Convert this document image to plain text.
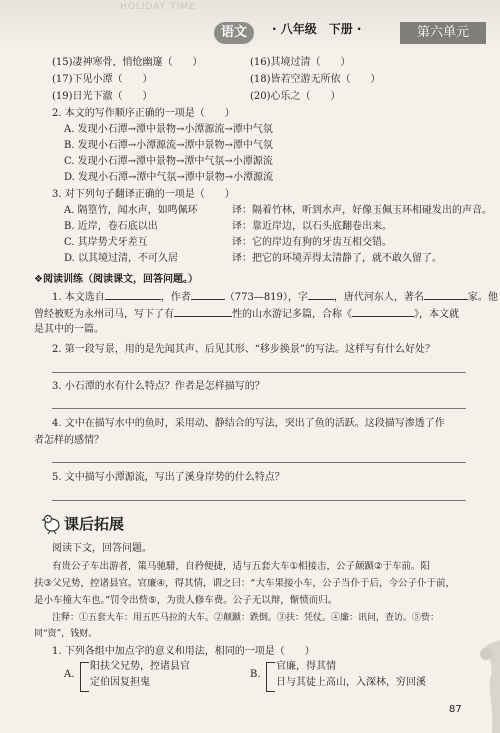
HOLIDAY TIME
语文	· 八年级　下册 ·	第六单元
(15)凄神寒骨，悄怆幽邃（　　）	(16)其境过清（　　）
(17)下见小潭（　　）	(18)皆若空游无所依（　　）
(19)日光下澈（　　）	(20)心乐之（　　）
2. 本文的写作顺序正确的一项是（　　）
A. 发现小石潭→潭中景物→小潭源流→潭中气氛
B. 发现小石潭→小潭源流→潭中景物→潭中气氛
C. 发现小石潭→潭中景物→潭中气氛→小潭源流
D. 发现小石潭→潭中气氛→潭中景物→小潭源流
3. 对下列句子翻译正确的一项是（　　）
A. 隔篁竹，闻水声，如鸣佩环	译：隔着竹林，听到水声，好像玉佩玉环相碰发出的声音。
B. 近岸，卷石底以出	译：靠近岸边，以石头底翻卷出来。
C. 其岸势犬牙差互	译：它的岸边有狗的牙齿互相交错。
D. 以其境过清，不可久居	译：把它的环境弄得太清静了，就不敢久留了。
❖阅读训练（阅读课文，回答问题。）
1. 本文选自	，作者	（773—819），字	，唐代河东人，著名	家。他
曾经被贬为永州司马，写下了有	性的山水游记多篇，合称《	》，本文就
是其中的一篇。
2. 第一段写景，用的是先闻其声、后见其形、“移步换景”的写法。这样写有什么好处？
3. 小石潭的水有什么特点？作者是怎样描写的？
4. 文中在描写水中的鱼时，采用动、静结合的写法，突出了鱼的活跃。这段描写渗透了作
者怎样的感情？
5. 文中描写小潭源流，写出了溪身岸势的什么特点？
课后拓展
阅读下文，回答问题。
有贵公子车出游者，策马驰騑，自矜便捷，适与五套大车①相接击，公子颠踬②于车前。阳
扶③父兄势，控诸县官。官廉④，得其情，谓之曰：“大车果接小车，公子当仆于后，今公子仆于前，
是小车撞大车也。”罚令出赀⑤，为贵人修车费。公子无以辩，惭愤而归。
注释：①五套大车：用五匹马拉的大车。②颠踬：跌倒。③扶：凭仗。④廉：讯问，查访。⑤赀：
同“资”，钱财。
1. 下列各组中加点字的意义和用法，相同的一项是（　　）
A.
阳扶父兄势，控诸县官
定伯因复担鬼
B.
官廉，得其情
日与其徒上高山，入深林，穷回溪
87
